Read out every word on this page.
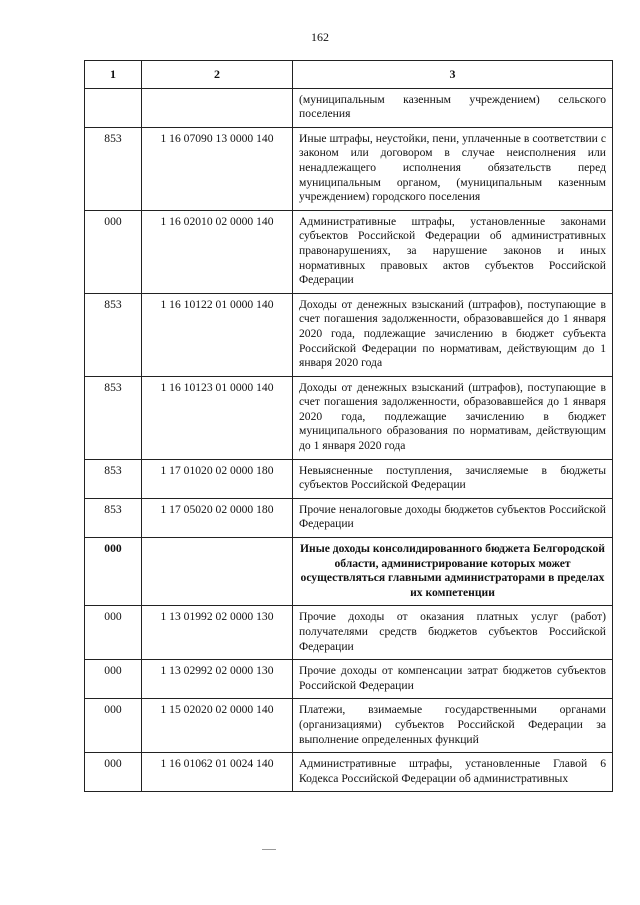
162
1	2	3
		(муниципальным казенным учреждением) сельского поселения
853	1 16 07090 13 0000 140	Иные штрафы, неустойки, пени, уплаченные в соответствии с законом или договором в случае неисполнения или ненадлежащего исполнения обязательств перед муниципальным органом, (муниципальным казенным учреждением) городского поселения
000	1 16 02010 02 0000 140	Административные штрафы, установленные законами субъектов Российской Федерации об административных правонарушениях, за нарушение законов и иных нормативных правовых актов субъектов Российской Федерации
853	1 16 10122 01 0000 140	Доходы от денежных взысканий (штрафов), поступающие в счет погашения задолженности, образовавшейся до 1 января 2020 года, подлежащие зачислению в бюджет субъекта Российской Федерации по нормативам, действующим до 1 января 2020 года
853	1 16 10123 01 0000 140	Доходы от денежных взысканий (штрафов), поступающие в счет погашения задолженности, образовавшейся до 1 января 2020 года, подлежащие зачислению в бюджет муниципального образования по нормативам, действующим до 1 января 2020 года
853	1 17 01020 02 0000 180	Невыясненные поступления, зачисляемые в бюджеты субъектов Российской Федерации
853	1 17 05020 02 0000 180	Прочие неналоговые доходы бюджетов субъектов Российской Федерации
000		Иные доходы консолидированного бюджета Белгородской области, администрирование которых может осуществляться главными администраторами в пределах их компетенции
000	1 13 01992 02 0000 130	Прочие доходы от оказания платных услуг (работ) получателями средств бюджетов субъектов Российской Федерации
000	1 13 02992 02 0000 130	Прочие доходы от компенсации затрат бюджетов субъектов Российской Федерации
000	1 15 02020 02 0000 140	Платежи, взимаемые государственными органами (организациями) субъектов Российской Федерации за выполнение определенных функций
000	1 16 01062 01 0024 140	Административные штрафы, установленные Главой 6 Кодекса Российской Федерации об административных
